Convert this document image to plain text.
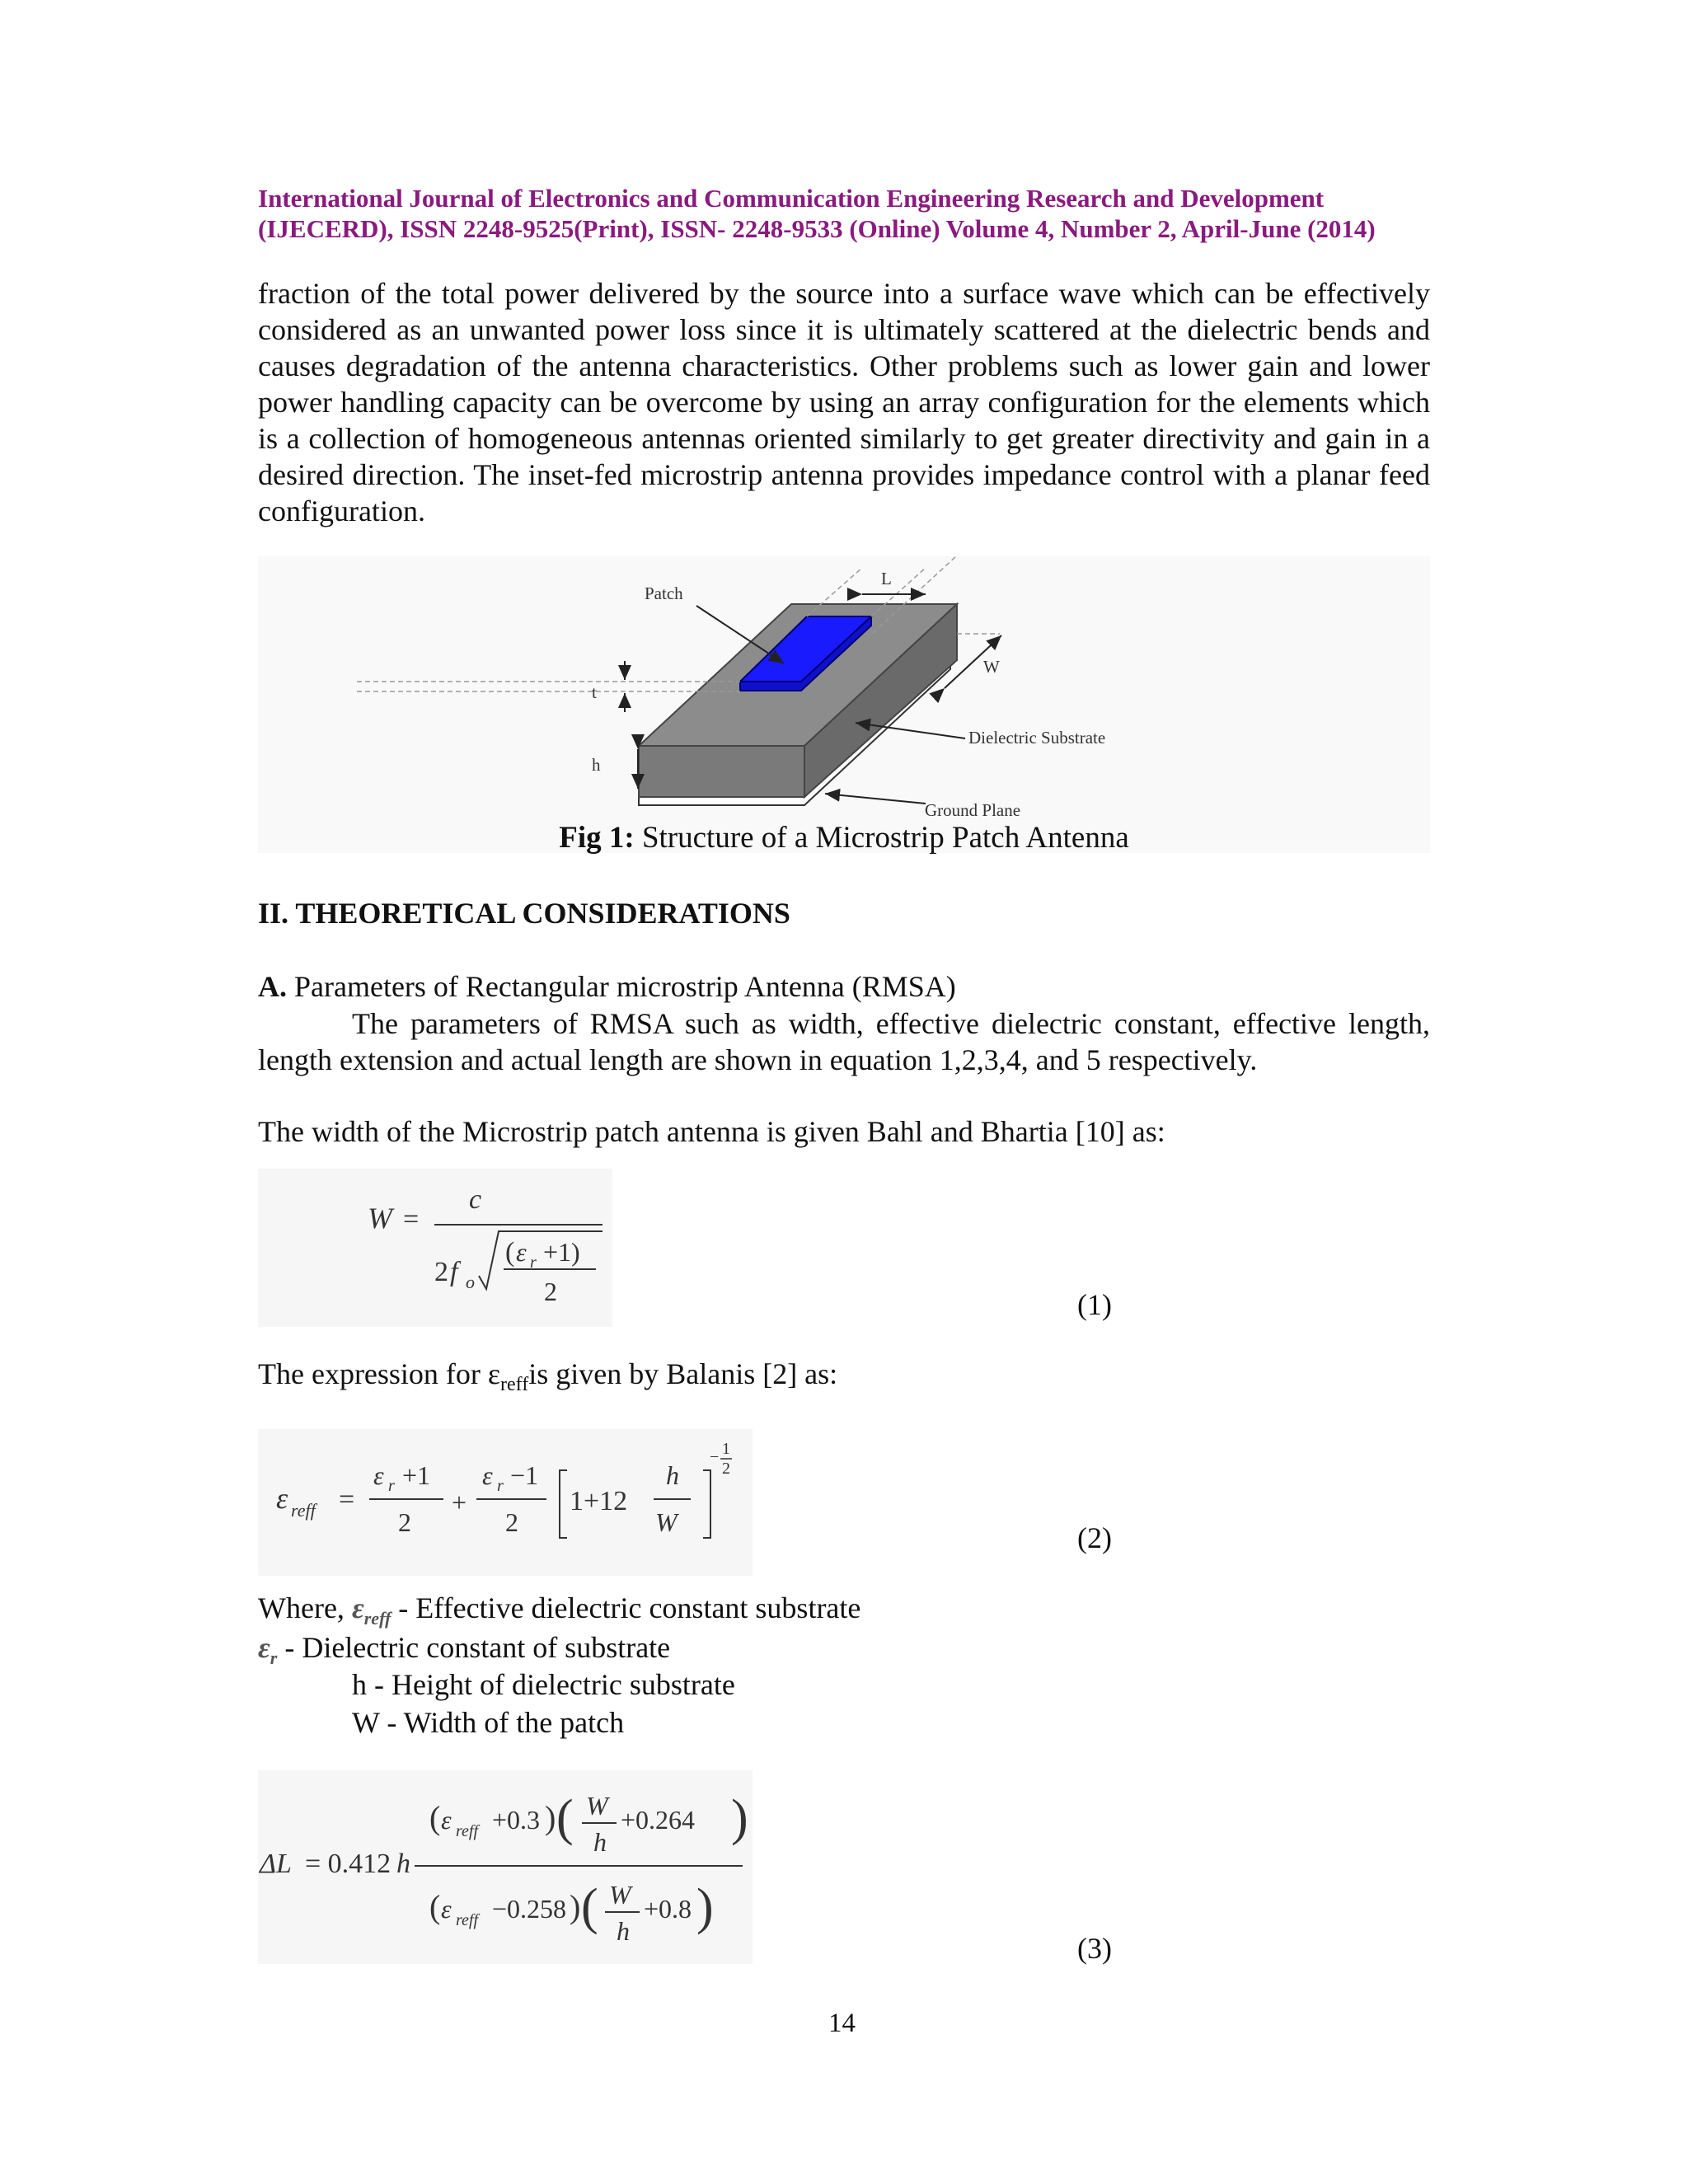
International Journal of Electronics and Communication Engineering Research and Development
(IJECERD), ISSN 2248-9525(Print), ISSN- 2248-9533 (Online) Volume 4, Number 2, April-June (2014)
fraction of the total power delivered by the source into a surface wave which can be effectively considered as an unwanted power loss since it is ultimately scattered at the dielectric bends and causes degradation of the antenna characteristics. Other problems such as lower gain and lower power handling capacity can be overcome by using an array configuration for the elements which is a collection of homogeneous antennas oriented similarly to get greater directivity and gain in a desired direction. The inset-fed microstrip antenna provides impedance control with a planar feed configuration.
Patch
L
W
t
h
Dielectric Substrate
Ground Plane
Fig 1: Structure of a Microstrip Patch Antenna
II. THEORETICAL CONSIDERATIONS
A. Parameters of Rectangular microstrip Antenna (RMSA)
The parameters of RMSA such as width, effective dielectric constant, effective length, length extension and actual length are shown in equation 1,2,3,4, and 5 respectively.
The width of the Microstrip patch antenna is given Bahl and Bhartia [10] as:
W =
c
2 f o
( ε r +1)
2	(1)
The expression for $\varepsilon_{reff}is$ given by Balanis [2] as:
ε reff =
ε r +1
2
+
ε r −1
2
1+12
h
W
− 1
2
(2)
Where, $\varepsilon_{reff}$ - Effective dielectric constant substrate
$\varepsilon_r$ - Dielectric constant of substrate
h - Height of dielectric substrate
W - Width of the patch
ΔL = 0.412 h
( ε reff +0.3 ) ( W
h
+0.264 )
( ε reff −0.258 ) ( W
h
+0.8 )
(3)
14
